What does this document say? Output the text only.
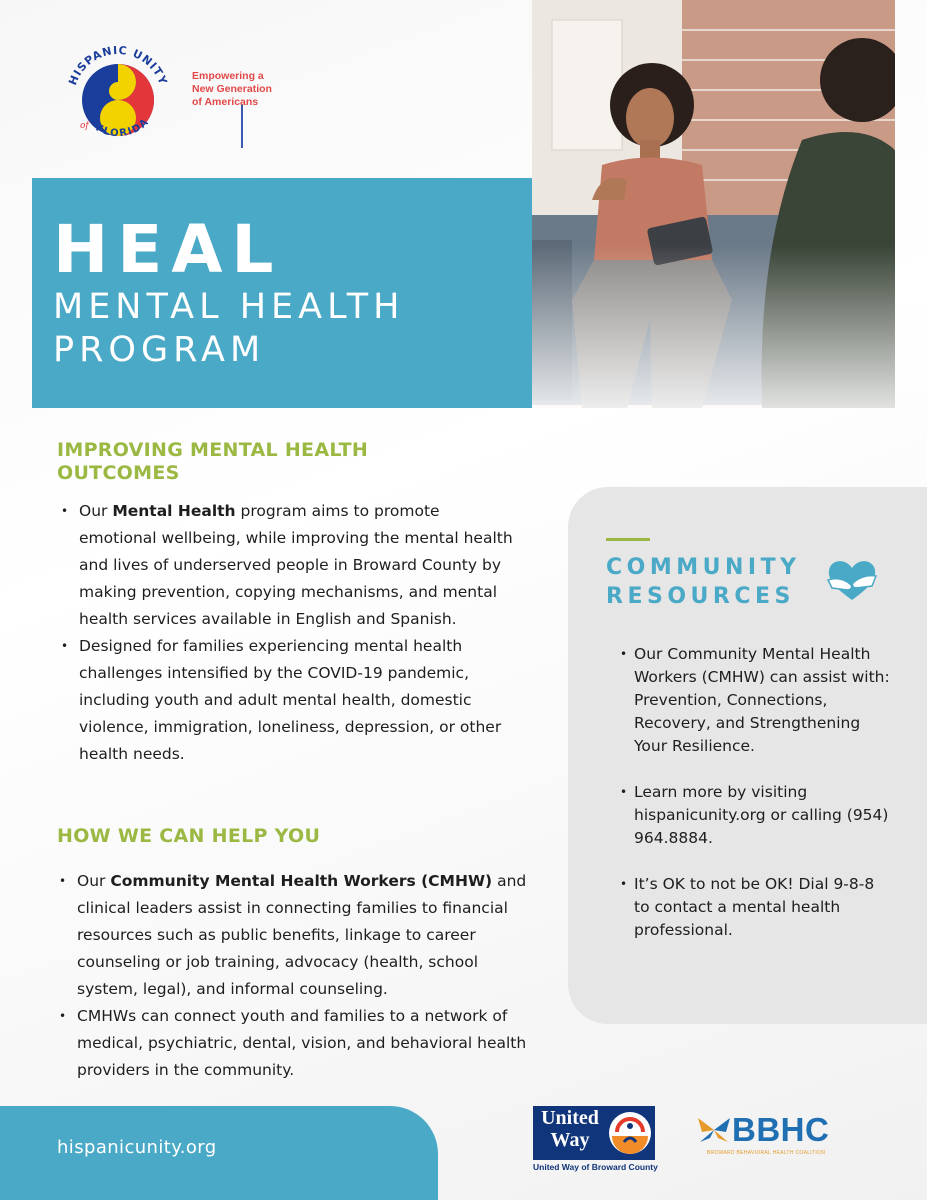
HISPANIC UNITY
FLORIDA
of
Empowering a
New Generation
of Americans
HEAL
MENTAL HEALTH
PROGRAM
IMPROVING MENTAL HEALTH
OUTCOMES
• Our Mental Health program aims to promote emotional wellbeing, while improving the mental health and lives of underserved people in Broward County by making prevention, copying mechanisms, and mental health services available in English and Spanish.
• Designed for families experiencing mental health challenges intensified by the COVID-19 pandemic, including youth and adult mental health, domestic violence, immigration, loneliness, depression, or other health needs.
HOW WE CAN HELP YOU
• Our Community Mental Health Workers (CMHW) and clinical leaders assist in connecting families to financial resources such as public benefits, linkage to career counseling or job training, advocacy (health, school system, legal), and informal counseling.
• CMHWs can connect youth and families to a network of medical, psychiatric, dental, vision, and behavioral health providers in the community.
COMMUNITY
RESOURCES
• Our Community Mental Health Workers (CMHW) can assist with: Prevention, Connections, Recovery, and Strengthening Your Resilience.
• Learn more by visiting hispanicunity.org or calling (954) 964.8884.
• It’s OK to not be OK! Dial 9-8-8 to contact a mental health professional.
hispanicunity.org
United
Way
United Way of Broward County
BBHC
BROWARD BEHAVIORAL HEALTH COALITION
